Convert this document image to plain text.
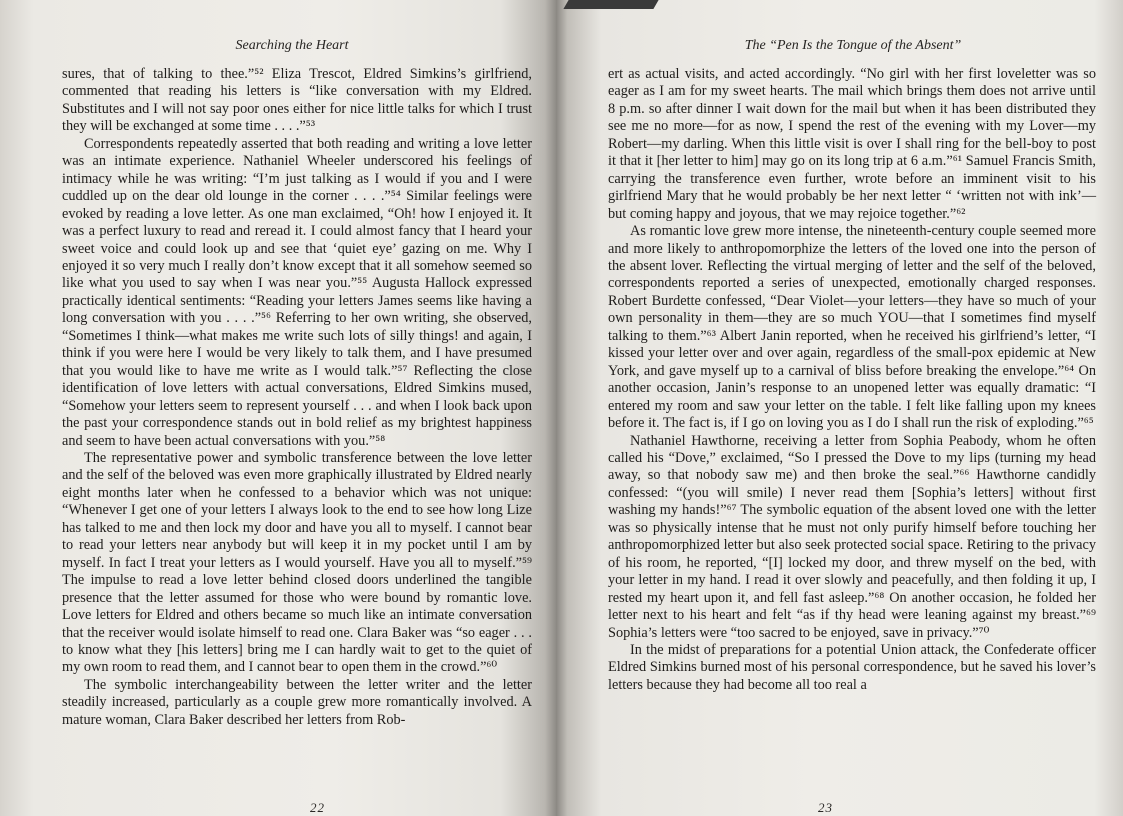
Searching the Heart

sures, that of talking to thee.”⁵² Eliza Trescot, Eldred Simkins’s girlfriend, commented that reading his letters is “like conversation with my Eldred. Substitutes and I will not say poor ones either for nice little talks for which I trust they will be exchanged at some time . . . .”⁵³

Correspondents repeatedly asserted that both reading and writing a love letter was an intimate experience. Nathaniel Wheeler underscored his feelings of intimacy while he was writing: “I’m just talking as I would if you and I were cuddled up on the dear old lounge in the corner . . . .”⁵⁴ Similar feelings were evoked by reading a love letter. As one man exclaimed, “Oh! how I enjoyed it. It was a perfect luxury to read and reread it. I could almost fancy that I heard your sweet voice and could look up and see that ‘quiet eye’ gazing on me. Why I enjoyed it so very much I really don’t know except that it all somehow seemed so like what you used to say when I was near you.”⁵⁵ Augusta Hallock expressed practically identical sentiments: “Reading your letters James seems like having a long conversation with you . . . .”⁵⁶ Referring to her own writing, she observed, “Sometimes I think—what makes me write such lots of silly things! and again, I think if you were here I would be very likely to talk them, and I have presumed that you would like to have me write as I would talk.”⁵⁷ Reflecting the close identification of love letters with actual conversations, Eldred Simkins mused, “Somehow your letters seem to represent yourself . . . and when I look back upon the past your correspondence stands out in bold relief as my brightest happiness and seem to have been actual conversations with you.”⁵⁸

The representative power and symbolic transference between the love letter and the self of the beloved was even more graphically illustrated by Eldred nearly eight months later when he confessed to a behavior which was not unique: “Whenever I get one of your letters I always look to the end to see how long Lize has talked to me and then lock my door and have you all to myself. I cannot bear to read your letters near anybody but will keep it in my pocket until I am by myself. In fact I treat your letters as I would yourself. Have you all to myself.”⁵⁹ The impulse to read a love letter behind closed doors underlined the tangible presence that the letter assumed for those who were bound by romantic love. Love letters for Eldred and others became so much like an intimate conversation that the receiver would isolate himself to read one. Clara Baker was “so eager . . . to know what they [his letters] bring me I can hardly wait to get to the quiet of my own room to read them, and I cannot bear to open them in the crowd.”⁶⁰

The symbolic interchangeability between the letter writer and the letter steadily increased, particularly as a couple grew more romantically involved. A mature woman, Clara Baker described her letters from Rob-

22
The “Pen Is the Tongue of the Absent”

ert as actual visits, and acted accordingly. “No girl with her first loveletter was so eager as I am for my sweet hearts. The mail which brings them does not arrive until 8 p.m. so after dinner I wait down for the mail but when it has been distributed they see me no more—for as now, I spend the rest of the evening with my Lover—my Robert—my darling. When this little visit is over I shall ring for the bell-boy to post it that it [her letter to him] may go on its long trip at 6 a.m.”⁶¹ Samuel Francis Smith, carrying the transference even further, wrote before an imminent visit to his girlfriend Mary that he would probably be her next letter “ ‘written not with ink’—but coming happy and joyous, that we may rejoice together.”⁶²

As romantic love grew more intense, the nineteenth-century couple seemed more and more likely to anthropomorphize the letters of the loved one into the person of the absent lover. Reflecting the virtual merging of letter and the self of the beloved, correspondents reported a series of unexpected, emotionally charged responses. Robert Burdette confessed, “Dear Violet—your letters—they have so much of your own personality in them—they are so much YOU—that I sometimes find myself talking to them.”⁶³ Albert Janin reported, when he received his girlfriend’s letter, “I kissed your letter over and over again, regardless of the small-pox epidemic at New York, and gave myself up to a carnival of bliss before breaking the envelope.”⁶⁴ On another occasion, Janin’s response to an unopened letter was equally dramatic: “I entered my room and saw your letter on the table. I felt like falling upon my knees before it. The fact is, if I go on loving you as I do I shall run the risk of exploding.”⁶⁵

Nathaniel Hawthorne, receiving a letter from Sophia Peabody, whom he often called his “Dove,” exclaimed, “So I pressed the Dove to my lips (turning my head away, so that nobody saw me) and then broke the seal.”⁶⁶ Hawthorne candidly confessed: “(you will smile) I never read them [Sophia’s letters] without first washing my hands!”⁶⁷ The symbolic equation of the absent loved one with the letter was so physically intense that he must not only purify himself before touching her anthropomorphized letter but also seek protected social space. Retiring to the privacy of his room, he reported, “[I] locked my door, and threw myself on the bed, with your letter in my hand. I read it over slowly and peacefully, and then folding it up, I rested my heart upon it, and fell fast asleep.”⁶⁸ On another occasion, he folded her letter next to his heart and felt “as if thy head were leaning against my breast.”⁶⁹ Sophia’s letters were “too sacred to be enjoyed, save in privacy.”⁷⁰

In the midst of preparations for a potential Union attack, the Confederate officer Eldred Simkins burned most of his personal correspondence, but he saved his lover’s letters because they had become all too real a

23
